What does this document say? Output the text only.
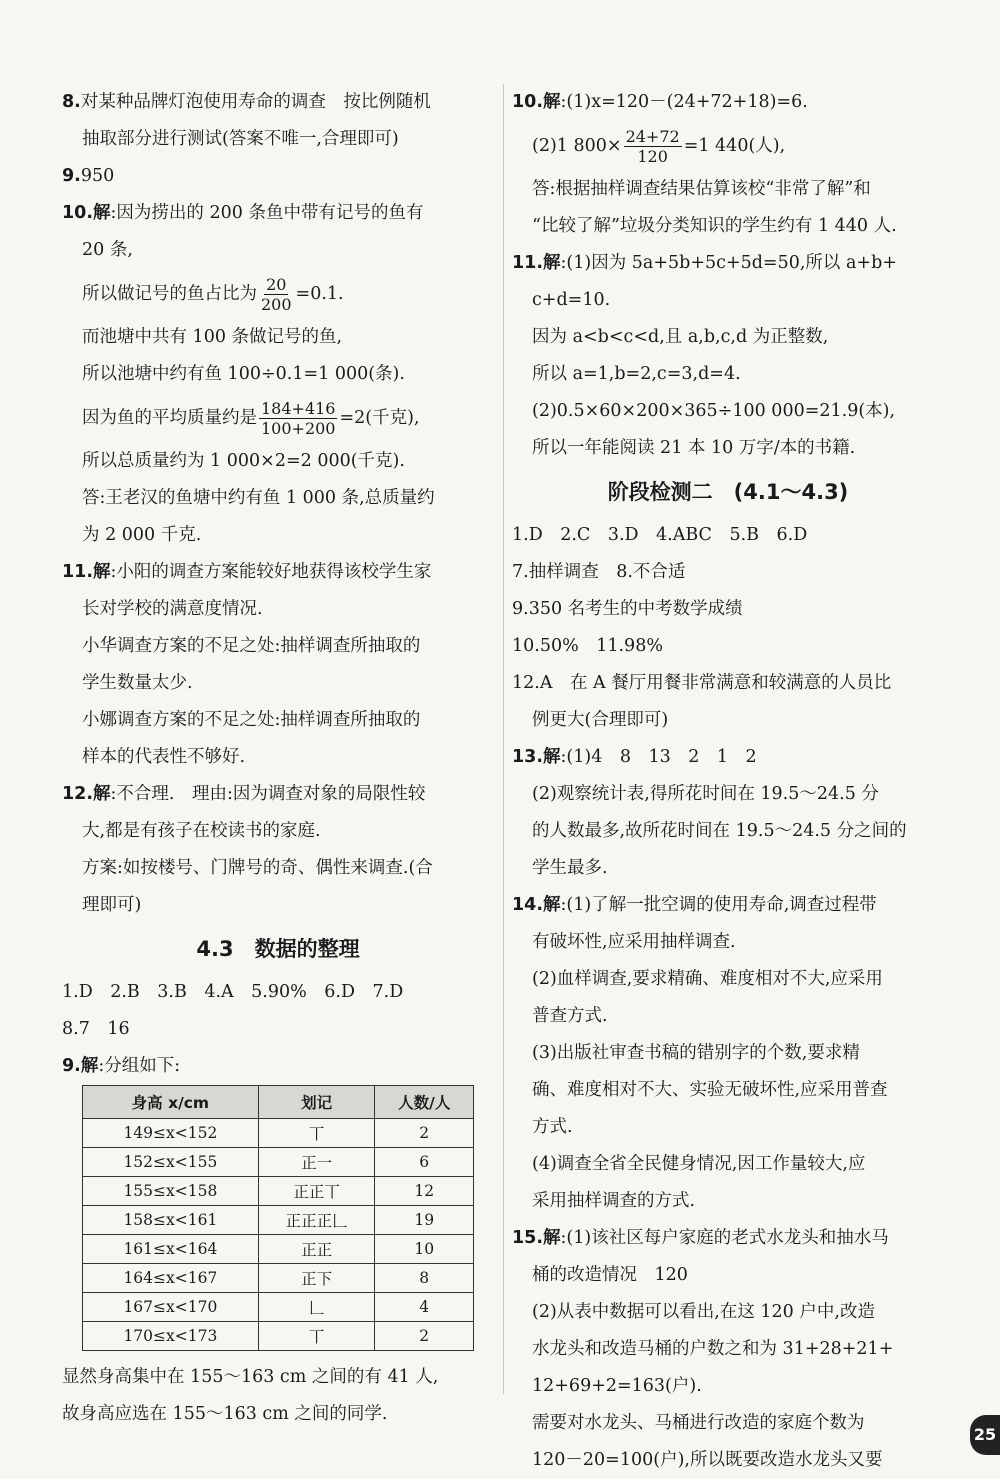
8.对某种品牌灯泡使用寿命的调查　按比例随机
抽取部分进行测试(答案不唯一,合理即可)
9.950
10.解:因为捞出的 200 条鱼中带有记号的鱼有
20 条,
所以做记号的鱼占比为 $\frac{20}{200} =0.1$.
而池塘中共有 100 条做记号的鱼,
所以池塘中约有鱼 100÷0.1=1 000(条).
因为鱼的平均质量约是 $\frac{184+416}{100+200} =2$(千克),
所以总质量约为 1 000×2=2 000(千克).
答:王老汉的鱼塘中约有鱼 1 000 条,总质量约
为 2 000 千克.
11.解:小阳的调查方案能较好地获得该校学生家
长对学校的满意度情况.
小华调查方案的不足之处:抽样调查所抽取的
学生数量太少.
小娜调查方案的不足之处:抽样调查所抽取的
样本的代表性不够好.
12.解:不合理.　理由:因为调查对象的局限性较
大,都是有孩子在校读书的家庭.
方案:如按楼号、门牌号的奇、偶性来调查.(合
理即可)
4.3　数据的整理
1.D　2.B　3.B　4.A　5.90%　6.D　7.D
8.7　16
9.解:分组如下:
身高 x/cm	划记	人数/人
149≤x<152	丅	2
152≤x<155	正一	6
155≤x<158	正正丅	12
158≤x<161	正正正𠃊	19
161≤x<164	正正	10
164≤x<167	正下	8
167≤x<170	𠃊	4
170≤x<173	丅	2
显然身高集中在 155～163 cm 之间的有 41 人,
故身高应选在 155～163 cm 之间的同学.
10.解:(1)x=120－(24+72+18)=6.
(2)1 $800\times \frac{24+72}{120} =1$ 440(人),
答:根据抽样调查结果估算该校“非常了解”和
“比较了解”垃圾分类知识的学生约有 1 440 人.
11.解:(1)因为 5a+5b+5c+5d=50,所以 a+b+
c+d=10.
因为 a<b<c<d,且 a,b,c,d 为正整数,
所以 a=1,b=2,c=3,d=4.
(2)0.5×60×200×365÷100 000=21.9(本),
所以一年能阅读 21 本 10 万字/本的书籍.
阶段检测二　(4.1～4.3)
1.D　2.C　3.D　4.ABC　5.B　6.D
7.抽样调查　8.不合适
9.350 名考生的中考数学成绩
10.50%　11.98%
12.A　在 A 餐厅用餐非常满意和较满意的人员比
例更大(合理即可)
13.解:(1)4　8　13　2　1　2
(2)观察统计表,得所花时间在 19.5～24.5 分
的人数最多,故所花时间在 19.5～24.5 分之间的
学生最多.
14.解:(1)了解一批空调的使用寿命,调查过程带
有破坏性,应采用抽样调查.
(2)血样调查,要求精确、难度相对不大,应采用
普查方式.
(3)出版社审查书稿的错别字的个数,要求精
确、难度相对不大、实验无破坏性,应采用普查
方式.
(4)调查全省全民健身情况,因工作量较大,应
采用抽样调查的方式.
15.解:(1)该社区每户家庭的老式水龙头和抽水马
桶的改造情况　120
(2)从表中数据可以看出,在这 120 户中,改造
水龙头和改造马桶的户数之和为 31+28+21+
12+69+2=163(户).
需要对水龙头、马桶进行改造的家庭个数为
120－20=100(户),所以既要改造水龙头又要
25
